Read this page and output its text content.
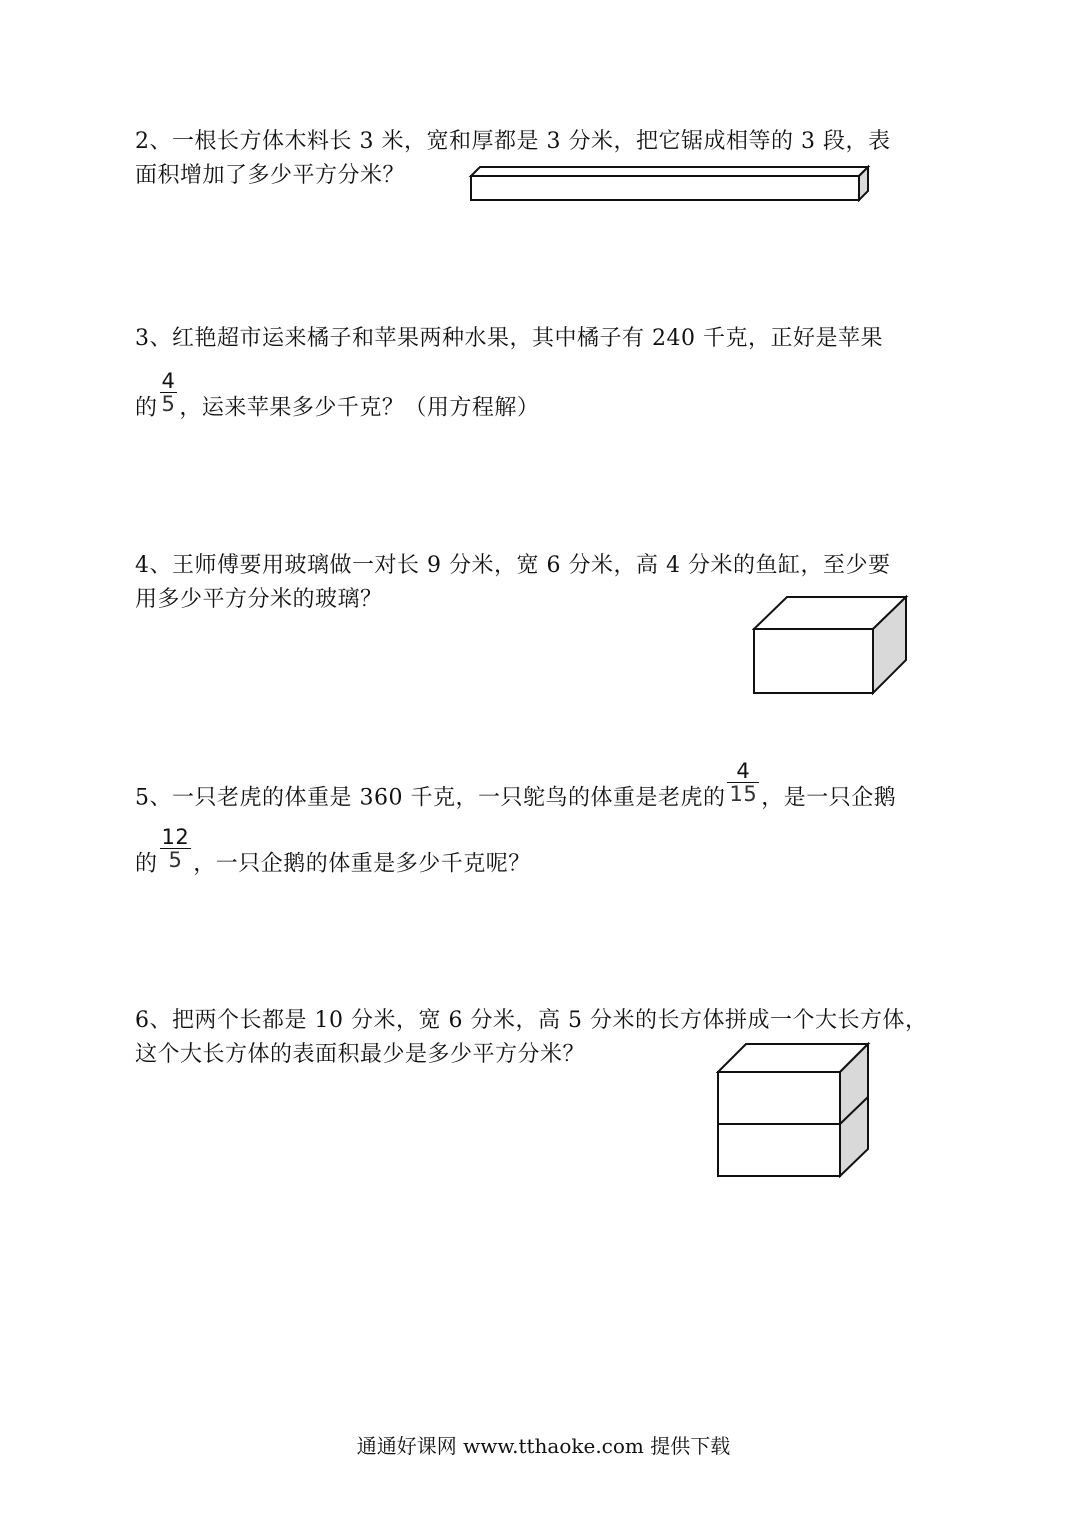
2、一根长方体木料长 3 米，宽和厚都是 3 分米，把它锯成相等的 3 段，表
面积增加了多少平方分米？
3、红艳超市运来橘子和苹果两种水果，其中橘子有 240 千克，正好是苹果
的 $\frac{4}{5}$ ，运来苹果多少千克？（用方程解）
4、王师傅要用玻璃做一对长 9 分米，宽 6 分米，高 4 分米的鱼缸，至少要
用多少平方分米的玻璃？
5、一只老虎的体重是 360 千克，一只鸵鸟的体重是老虎的 $\frac{4}{15}$ ，是一只企鹅
的 $\frac{12}{5}$ ，一只企鹅的体重是多少千克呢？
6、把两个长都是 10 分米，宽 6 分米，高 5 分米的长方体拼成一个大长方体，
这个大长方体的表面积最少是多少平方分米？
通通好课网 www.tthaoke.com 提供下载
